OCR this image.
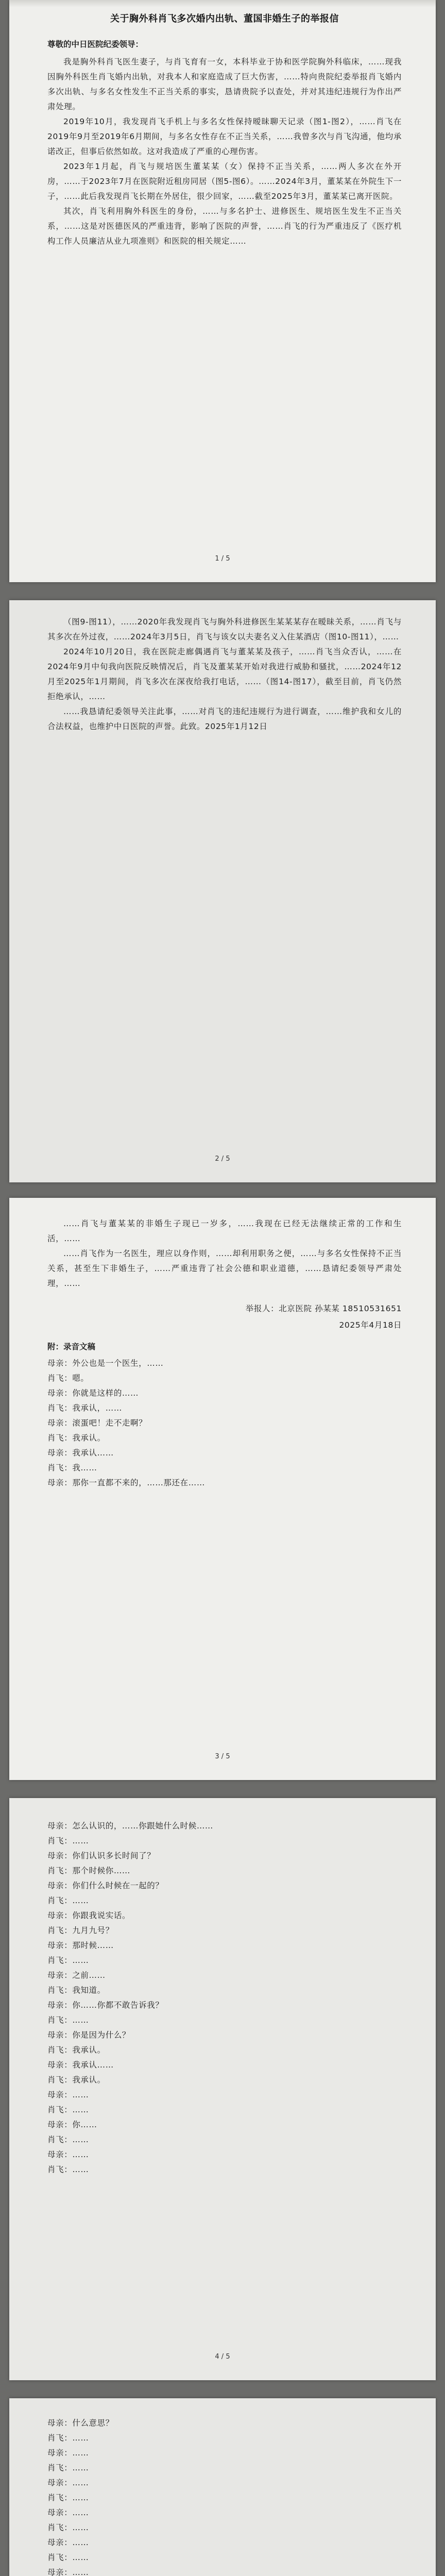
关于胸外科肖飞多次婚内出轨、董国非婚生子的举报信

尊敬的中日医院纪委领导：

我是胸外科肖飞医生妻子，与肖飞育有一女，本科毕业于协和医学院胸外科临床，……现我因胸外科医生肖飞婚内出轨，对我本人和家庭造成了巨大伤害，……特向贵院纪委举报肖飞婚内多次出轨、与多名女性发生不正当关系的事实，恳请贵院予以查处，并对其违纪违规行为作出严肃处理。

2019年10月，我发现肖飞手机上与多名女性保持暧昧聊天记录（图1-图2），……肖飞在2019年9月至2019年6月期间，与多名女性存在不正当关系，……我曾多次与肖飞沟通，他均承诺改正，但事后依然如故。这对我造成了严重的心理伤害。

2023年1月起，肖飞与规培医生董某某（女）保持不正当关系，……两人多次在外开房，……于2023年7月在医院附近租房同居（图5-图6）。……2024年3月，董某某在外院生下一子，……此后我发现肖飞长期在外居住，很少回家，……截至2025年3月，董某某已离开医院。

其次，肖飞利用胸外科医生的身份，……与多名护士、进修医生、规培医生发生不正当关系，……这是对医德医风的严重违背，影响了医院的声誉，……肖飞的行为严重违反了《医疗机构工作人员廉洁从业九项准则》和医院的相关规定……

1 / 5

（图9-图11），……2020年我发现肖飞与胸外科进修医生某某某存在暧昧关系，……肖飞与其多次在外过夜，……2024年3月5日，肖飞与该女以夫妻名义入住某酒店（图10-图11），……

2024年10月20日，我在医院走廊偶遇肖飞与董某某及孩子，……肖飞当众否认，……在2024年9月中旬我向医院反映情况后，肖飞及董某某开始对我进行威胁和骚扰，……2024年12月至2025年1月期间，肖飞多次在深夜给我打电话，……（图14-图17），截至目前，肖飞仍然拒绝承认，……

……我恳请纪委领导关注此事，……对肖飞的违纪违规行为进行调查，……维护我和女儿的合法权益，也维护中日医院的声誉。此致。2025年1月12日

2 / 5

……肖飞与董某某的非婚生子现已一岁多，……我现在已经无法继续正常的工作和生活，……

……肖飞作为一名医生，理应以身作则，……却利用职务之便，……与多名女性保持不正当关系，甚至生下非婚生子，……严重违背了社会公德和职业道德，……恳请纪委领导严肃处理，……

举报人：北京医院 孙某某 18510531651
2025年4月18日

附：录音文稿

母亲：外公也是一个医生，……

肖飞：嗯。

母亲：你就是这样的……

肖飞：我承认，……

母亲：滚蛋吧！走不走啊？

肖飞：我承认。

母亲：我承认……

肖飞：我……

母亲：那你一直都不来的，……那还在……

3 / 5

母亲：怎么认识的，……你跟她什么时候……

肖飞：……

母亲：你们认识多长时间了？

肖飞：那个时候你……

母亲：你们什么时候在一起的？

肖飞：……

母亲：你跟我说实话。

肖飞：九月九号？

母亲：那时候……

肖飞：……

母亲：之前……

肖飞：我知道。

母亲：你……你都不敢告诉我？

肖飞：……

母亲：你是因为什么？

肖飞：我承认。

母亲：我承认……

肖飞：我承认。

母亲：……

肖飞：……

母亲：你……

肖飞：……

母亲：……

肖飞：……

4 / 5

母亲：什么意思？

肖飞：……

母亲：……

肖飞：……

母亲：……

肖飞：……

母亲：……

肖飞：……

母亲：……

肖飞：……

母亲：……
